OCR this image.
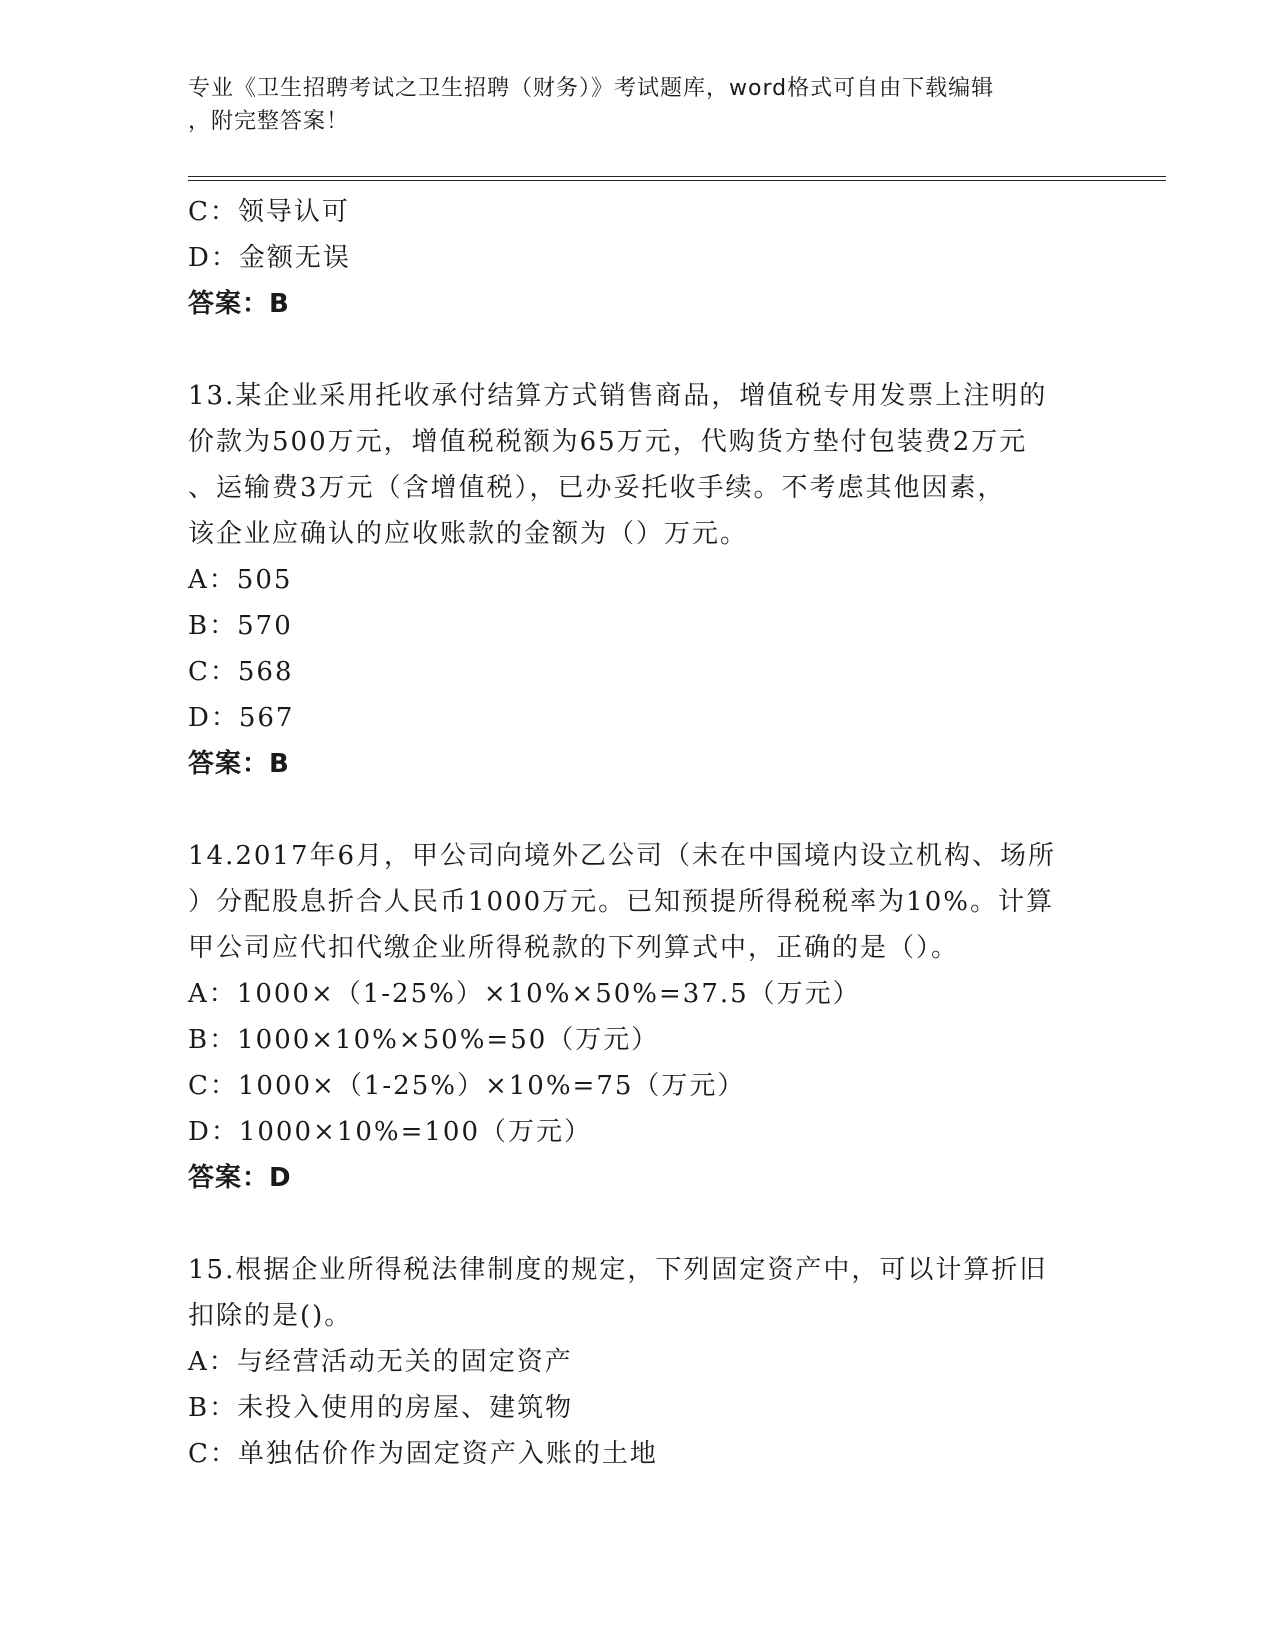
专业《卫生招聘考试之卫生招聘（财务）》考试题库，word格式可自由下载编辑
，附完整答案！
C：领导认可
D：金额无误
答案：B
13.某企业采用托收承付结算方式销售商品，增值税专用发票上注明的
价款为500万元，增值税税额为65万元，代购货方垫付包装费2万元
、运输费3万元（含增值税），已办妥托收手续。不考虑其他因素，
该企业应确认的应收账款的金额为（）万元。
A：505
B：570
C：568
D：567
答案：B
14.2017年6月，甲公司向境外乙公司（未在中国境内设立机构、场所
）分配股息折合人民币1000万元。已知预提所得税税率为10%。计算
甲公司应代扣代缴企业所得税款的下列算式中，正确的是（）。
A：1000×（1-25%）×10%×50%=37.5（万元）
B：1000×10%×50%=50（万元）
C：1000×（1-25%）×10%=75（万元）
D：1000×10%=100（万元）
答案：D
15.根据企业所得税法律制度的规定，下列固定资产中，可以计算折旧
扣除的是()。
A：与经营活动无关的固定资产
B：未投入使用的房屋、建筑物
C：单独估价作为固定资产入账的土地
